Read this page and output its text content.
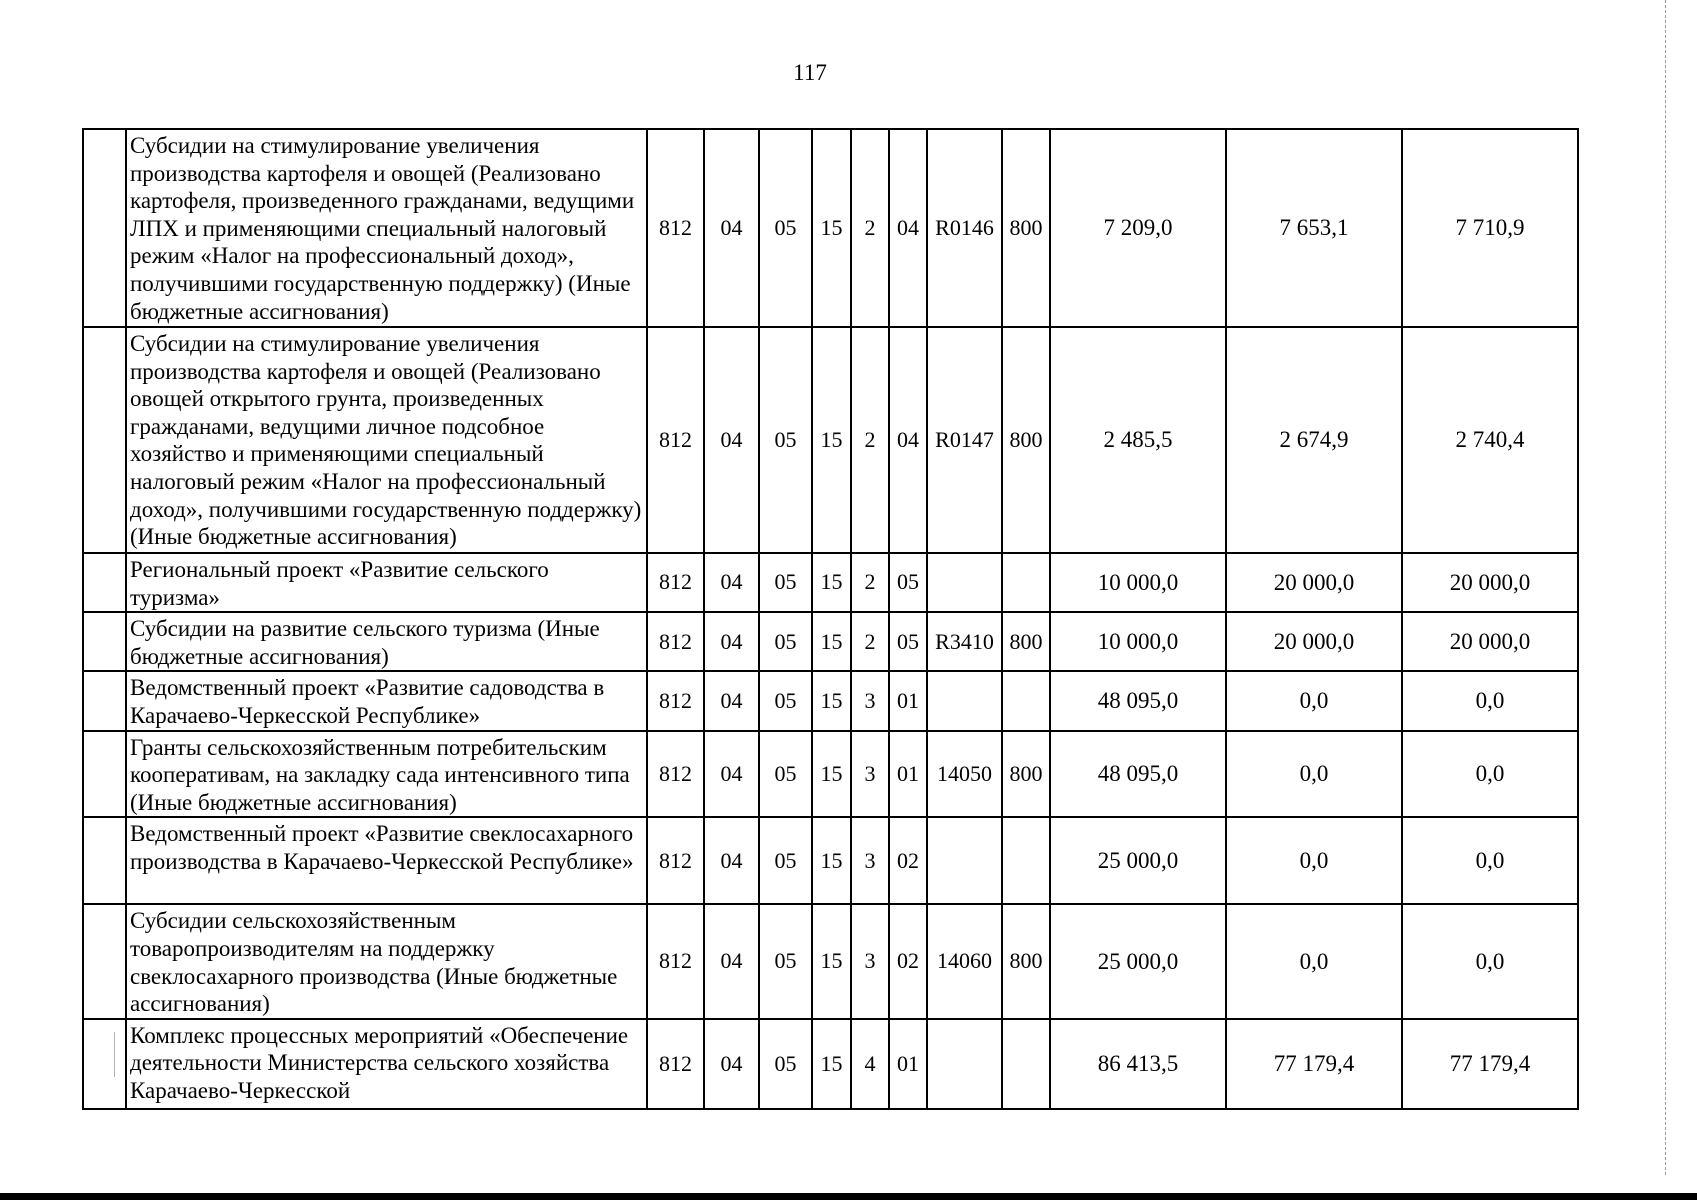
117
	Субсидии на стимулирование увеличения производства картофеля и овощей (Реализовано картофеля, произведенного гражданами, ведущими ЛПХ и применяющими специальный налоговый режим «Налог на профессиональный доход», получившими государственную поддержку) (Иные бюджетные ассигнования)	812	04	05	15	2	04	R0146	800	7 209,0	7 653,1	7 710,9
	Субсидии на стимулирование увеличения производства картофеля и овощей (Реализовано овощей открытого грунта, произведенных гражданами, ведущими личное подсобное хозяйство и применяющими специальный налоговый режим «Налог на профессиональный доход», получившими государственную поддержку) (Иные бюджетные ассигнования)	812	04	05	15	2	04	R0147	800	2 485,5	2 674,9	2 740,4
	Региональный проект «Развитие сельского туризма»	812	04	05	15	2	05			10 000,0	20 000,0	20 000,0
	Субсидии на развитие сельского туризма (Иные бюджетные ассигнования)	812	04	05	15	2	05	R3410	800	10 000,0	20 000,0	20 000,0
	Ведомственный проект «Развитие садоводства в Карачаево-Черкесской Республике»	812	04	05	15	3	01			48 095,0	0,0	0,0
	Гранты сельскохозяйственным потребительским кооперативам, на закладку сада интенсивного типа (Иные бюджетные ассигнования)	812	04	05	15	3	01	14050	800	48 095,0	0,0	0,0
	Ведомственный проект «Развитие свеклосахарного производства в Карачаево-Черкесской Республике»	812	04	05	15	3	02			25 000,0	0,0	0,0
	Субсидии сельскохозяйственным товаропроизводителям на поддержку свеклосахарного производства (Иные бюджетные ассигнования)	812	04	05	15	3	02	14060	800	25 000,0	0,0	0,0
	Комплекс процессных мероприятий «Обеспечение деятельности Министерства сельского хозяйства Карачаево-Черкесской	812	04	05	15	4	01			86 413,5	77 179,4	77 179,4
